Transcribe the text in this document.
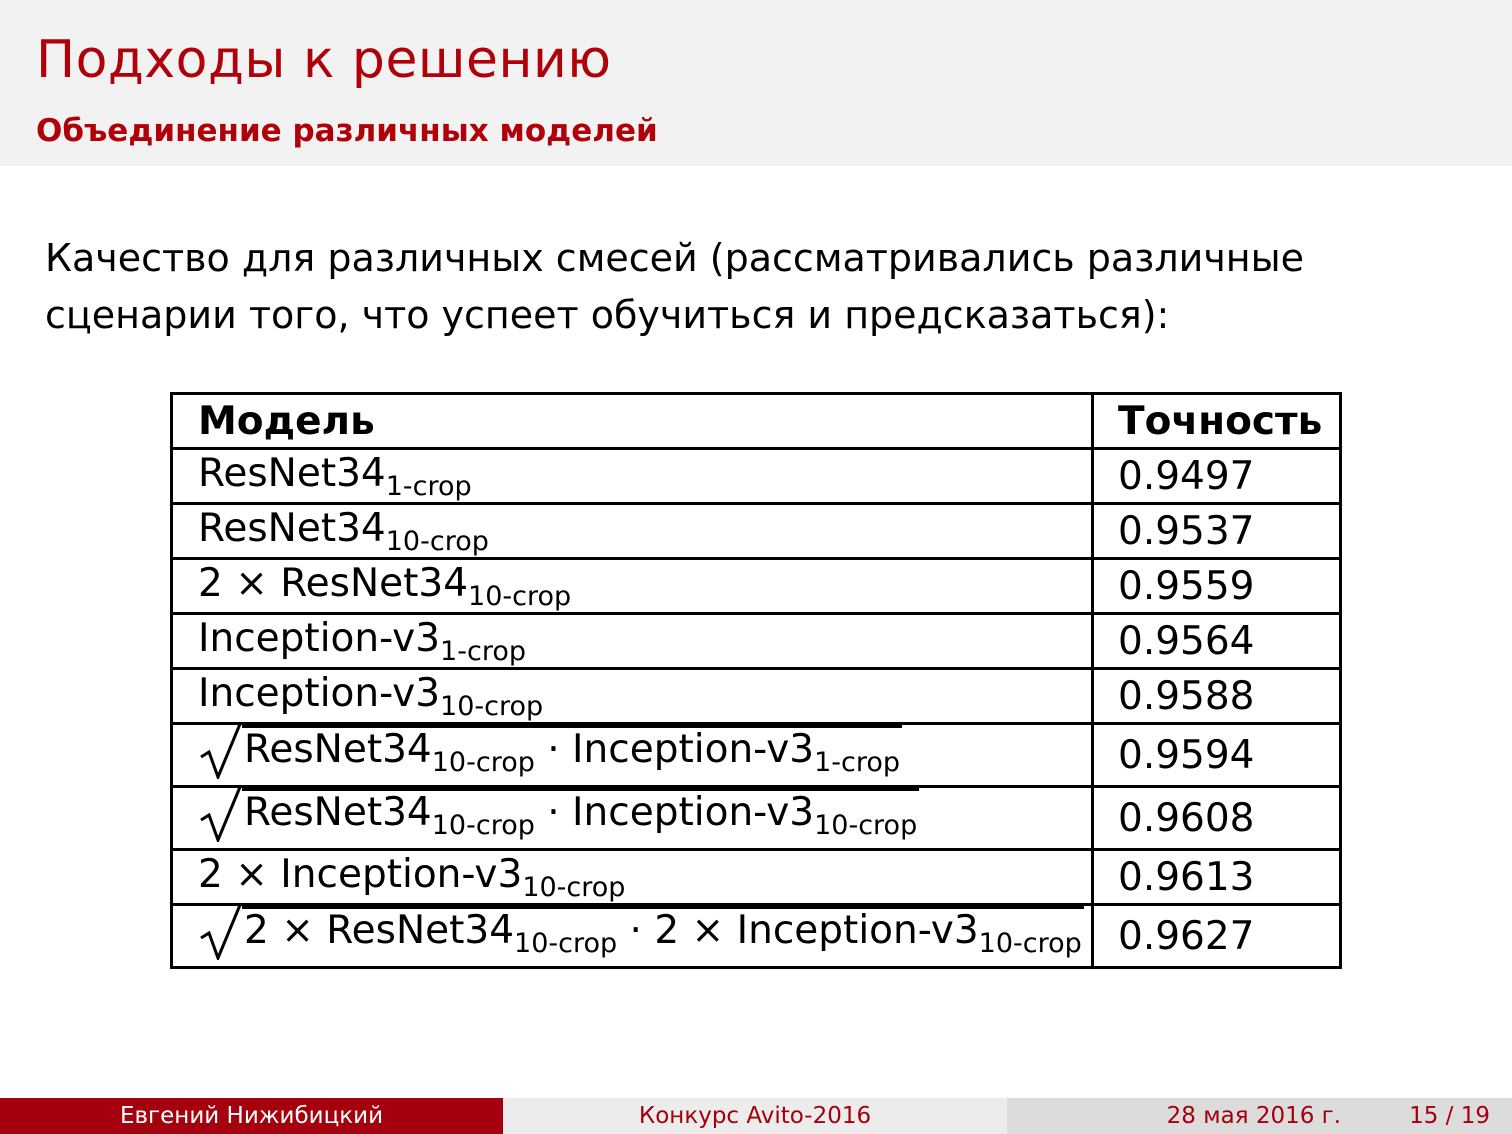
Подходы к решению
Объединение различных моделей

Качество для различных смесей (рассматривались различные сценарии того, что успеет обучиться и предсказаться):

Модель	Точность
$ResNet34_{1-crop}$	0.9497
$ResNet34_{10-crop}$	0.9537
$2 \times ResNet34_{10-crop}$	0.9559
Inception-$v3_{1-crop}$	0.9564
Inception-$v3_{10-crop}$	0.9588

$ResNet34_{10-crop}$ · Inception-$v3_{1-crop}$	0.9594

$ResNet34_{10-crop}$ · Inception-$v3_{10-crop}$	0.9608
2 × Inception-$v3_{10-crop}$	0.9613

$2 \times ResNet34_{10-crop} \cdot 2$ × Inception-$v3_{10-crop}$	0.9627
Евгений Нижибицкий	Конкурс Avito-2016	28 мая 2016 г.	15 / 19
